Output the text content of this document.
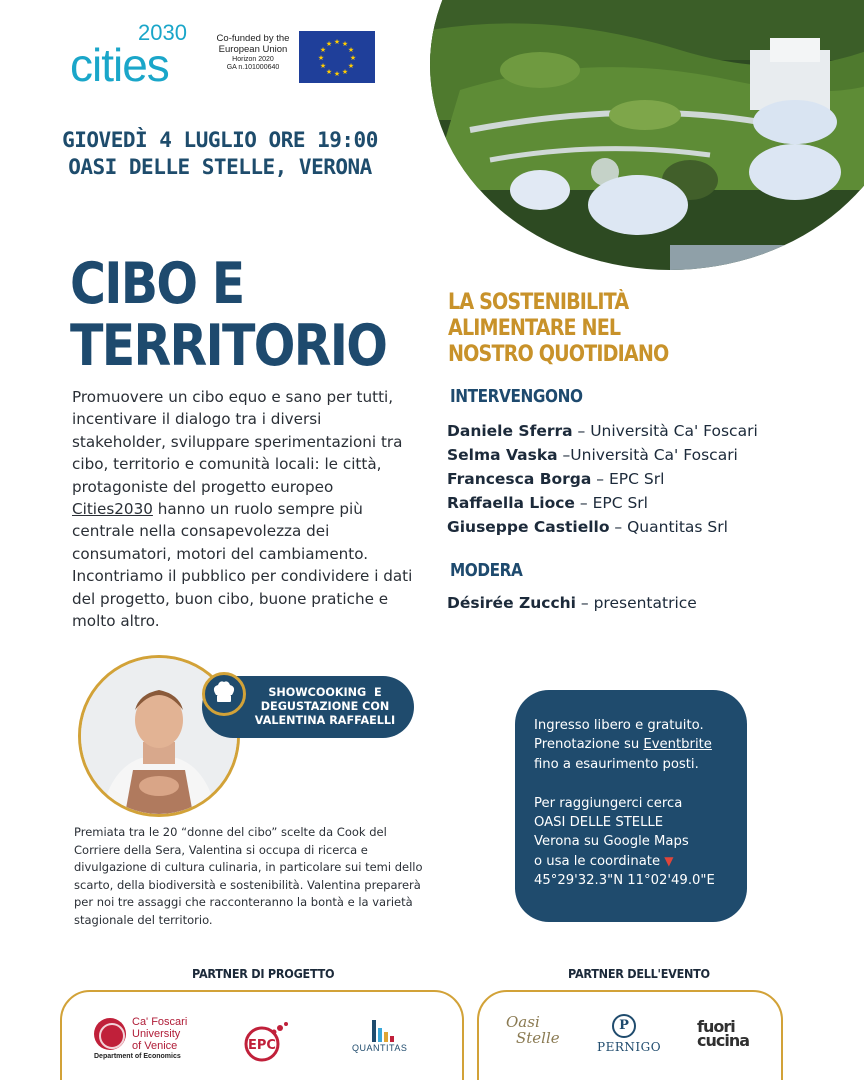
2030
cities
Co-funded by the
European Union
Horizon 2020
GA n.101000640
★ ★
★
★
★
★
★
★
★
★
★
★
GIOVEDÌ 4 LUGLIO ORE 19:00
OASI DELLE STELLE, VERONA
CIBO E
TERRITORIO

Promuovere un cibo equo e sano per tutti, incentivare il dialogo tra i diversi stakeholder, sviluppare sperimentazioni tra cibo, territorio e comunità locali: le città, protagoniste del progetto europeo Cities2030 hanno un ruolo sempre più centrale nella consapevolezza dei consumatori, motori del cambiamento. Incontriamo il pubblico per condividere i dati del progetto, buon cibo, buone pratiche e molto altro.

LA SOSTENIBILITÀ
ALIMENTARE NEL
NOSTRO QUOTIDIANO
INTERVENGONO
Daniele Sferra – Università Ca' Foscari
Selma Vaska –Università Ca' Foscari
Francesca Borga – EPC Srl
Raffaella Lioce – EPC Srl
Giuseppe Castiello – Quantitas Srl
MODERA
Désirée Zucchi – presentatrice
SHOWCOOKING  E
DEGUSTAZIONE CON
VALENTINA RAFFAELLI

Premiata tra le 20 “donne del cibo” scelte da Cook del Corriere della Sera, Valentina si occupa di ricerca e divulgazione di cultura culinaria, in particolare sui temi dello scarto, della biodiversità e sostenibilità. Valentina preparerà per noi tre assaggi che racconteranno la bontà e la varietà stagionale del territorio.

Ingresso libero e gratuito.
Prenotazione su Eventbrite
fino a esaurimento posti.
Per raggiungerci cerca
OASI DELLE STELLE
Verona su Google Maps
o usa le coordinate ▼
45°29'32.3"N 11°02'49.0"E
PARTNER DI PROGETTO	PARTNER DELL'EVENTO
Ca' Foscari
University
of Venice
Department of Economics
EPC	QUANTITAS
Oasi
Stelle
P
PERNIGO
fuori
cucina
